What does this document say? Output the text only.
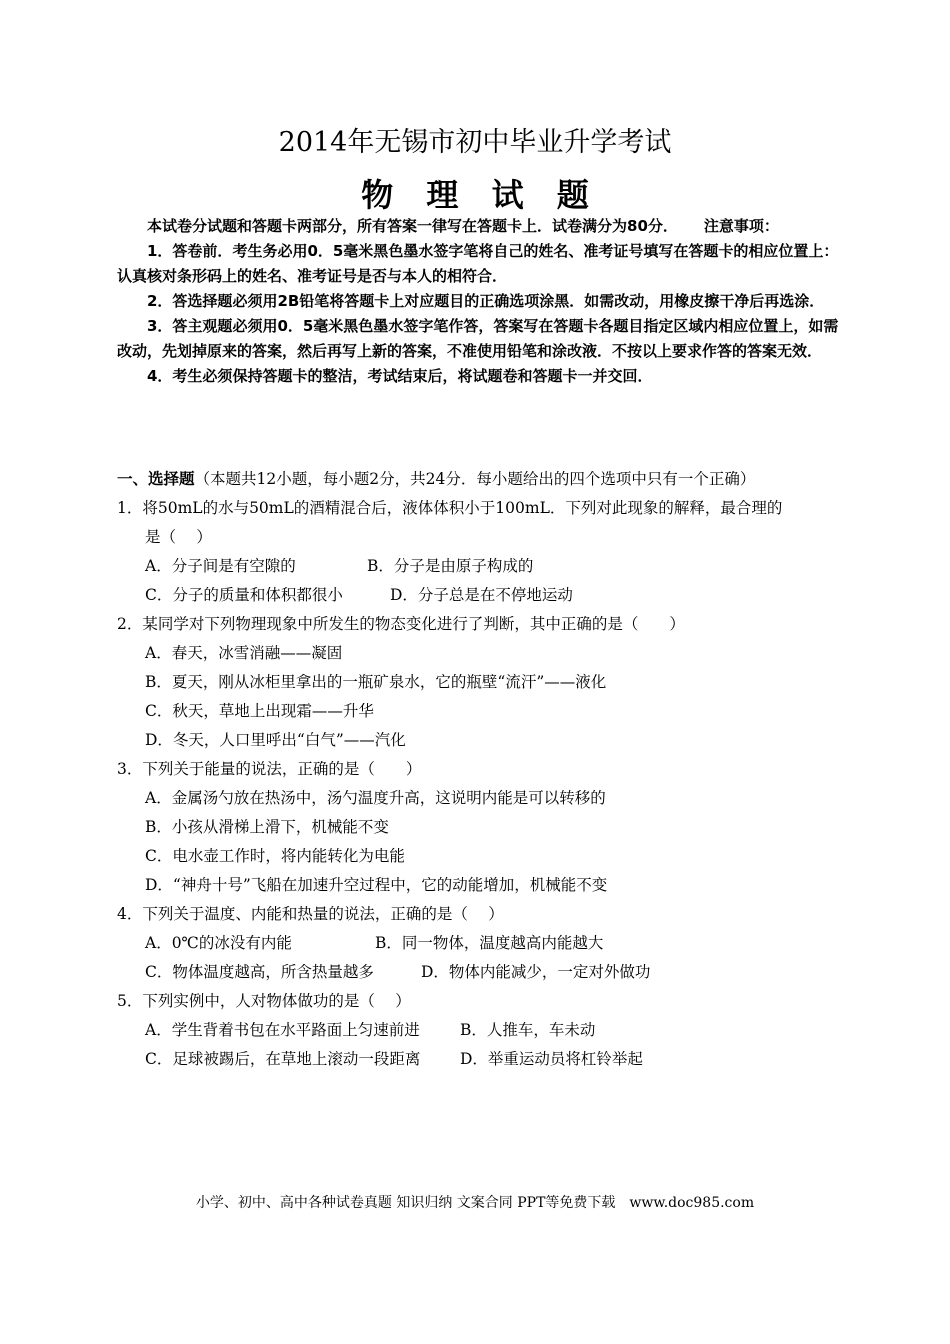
2014年无锡市初中毕业升学考试
物 理 试 题

本试卷分试题和答题卡两部分，所有答案一律写在答题卡上．试卷满分为80分． 注意事项：

1．答卷前．考生务必用0．5毫米黑色墨水签字笔将自己的姓名、准考证号填写在答题卡的相应位置上：认真核对条形码上的姓名、准考证号是否与本人的相符合．

2．答选择题必须用2B铅笔将答题卡上对应题目的正确选项涂黑．如需改动，用橡皮擦干净后再选涂．

3．答主观题必须用0．5毫米黑色墨水签字笔作答，答案写在答题卡各题目指定区域内相应位置上，如需改动，先划掉原来的答案，然后再写上新的答案，不准使用铅笔和涂改液．不按以上要求作答的答案无效．

4．考生必须保持答题卡的整洁，考试结束后，将试题卷和答题卡一并交回．

一、选择题（本题共12小题，每小题2分，共24分．每小题给出的四个选项中只有一个正确）

1．将50mL的水与50mL的酒精混合后，液体体积小于100mL．下列对此现象的解释，最合理的

是（　 ）

A．分子间是有空隙的	B．分子是由原子构成的

C．分子的质量和体积都很小	D．分子总是在不停地运动

2．某同学对下列物理现象中所发生的物态变化进行了判断，其中正确的是（　　）

A．春天，冰雪消融——凝固

B．夏天，刚从冰柜里拿出的一瓶矿泉水，它的瓶壁“流汗”——液化

C．秋天，草地上出现霜——升华

D．冬天，人口里呼出“白气”——汽化

3．下列关于能量的说法，正确的是（　　）

A．金属汤勺放在热汤中，汤勺温度升高，这说明内能是可以转移的

B．小孩从滑梯上滑下，机械能不变

C．电水壶工作时，将内能转化为电能

D．“神舟十号”飞船在加速升空过程中，它的动能增加，机械能不变

4．下列关于温度、内能和热量的说法，正确的是（　 ）

A．0℃的冰没有内能	B．同一物体，温度越高内能越大

C．物体温度越高，所含热量越多	D．物体内能减少，一定对外做功

5．下列实例中，人对物体做功的是（　 ）

A．学生背着书包在水平路面上匀速前进	B．人推车，车未动

C．足球被踢后，在草地上滚动一段距离	D．举重运动员将杠铃举起

小学、初中、高中各种试卷真题 知识归纳 文案合同 PPT等免费下载　www.doc985.com
